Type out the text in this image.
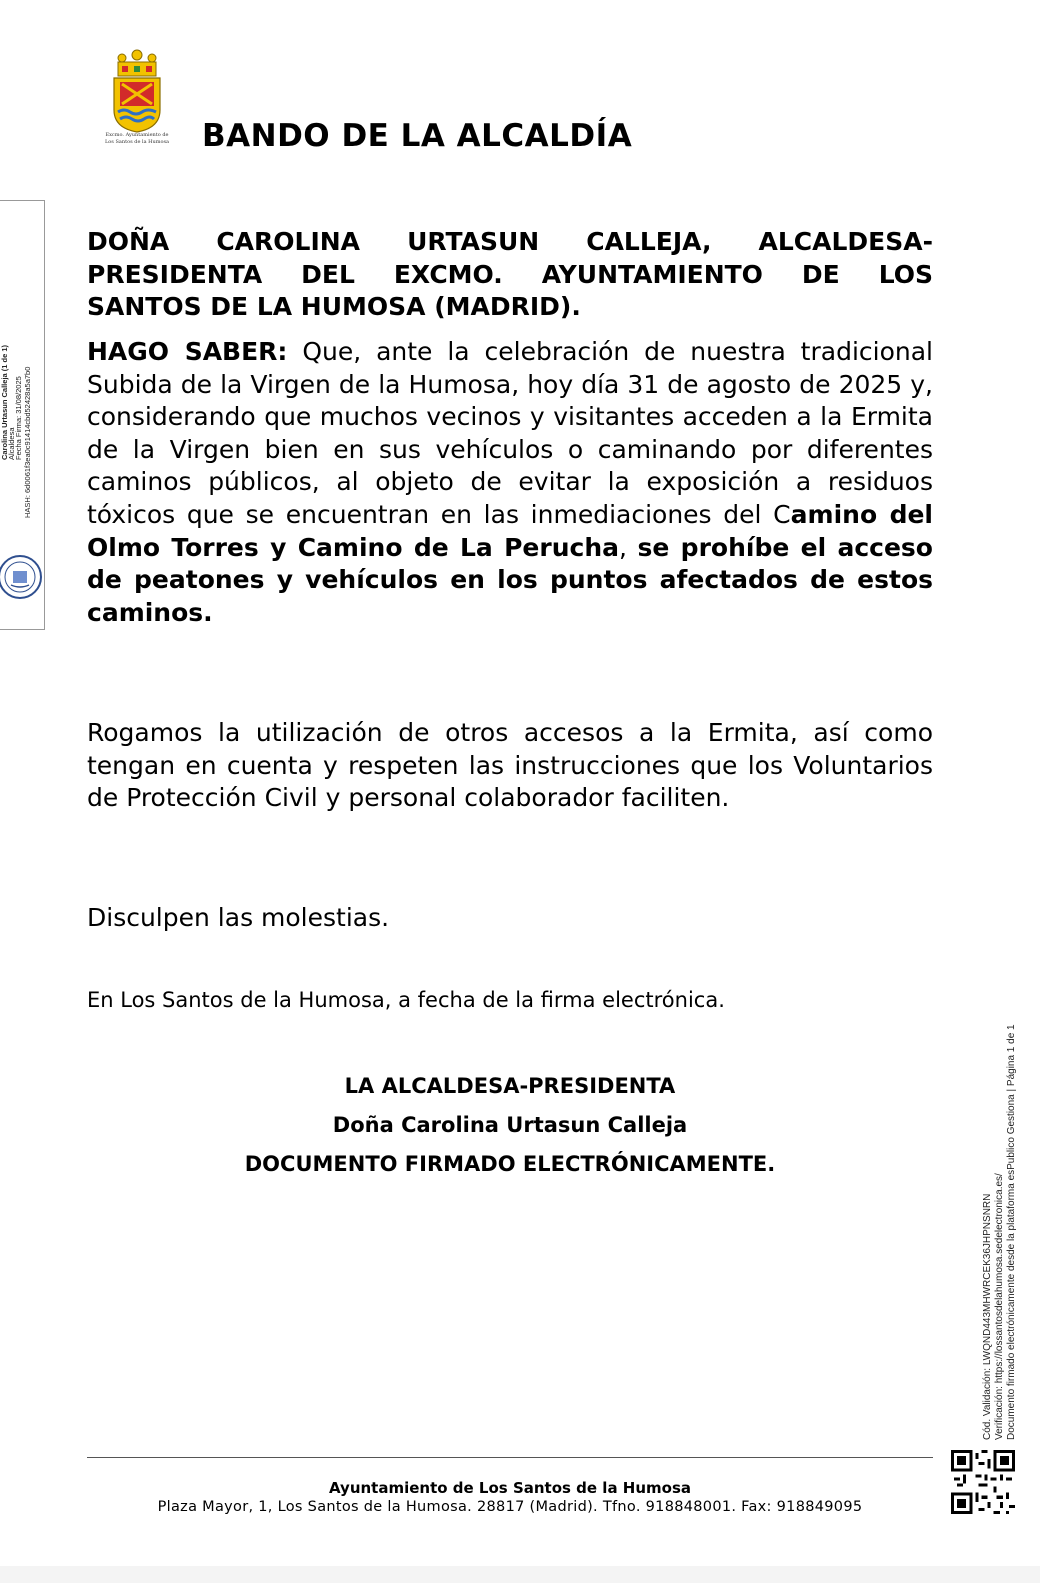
Excmo. Ayuntamiento de
Los Santos de la Humosa BANDO DE LA ALCALDÍA
Carolina Urtasun Calleja (1 de 1)
Alcaldesa
Fecha Firma: 31/08/2025 HASH: 6d0061f3ea0c91414cbd52428a5a7b0
DOÑA CAROLINA URTASUN CALLEJA, ALCALDESA-
PRESIDENTA DEL EXCMO. AYUNTAMIENTO DE LOS
SANTOS DE LA HUMOSA (MADRID).
HAGO SABER: Que, ante la celebración de nuestra tradicional Subida de la Virgen de la Humosa, hoy día 31 de agosto de 2025 y, considerando que muchos vecinos y visitantes acceden a la Ermita de la Virgen bien en sus vehículos o caminando por diferentes caminos públicos, al objeto de evitar la exposición a residuos tóxicos que se encuentran en las inmediaciones del Camino del Olmo Torres y Camino de La Perucha, se prohíbe el acceso de peatones y vehículos en los puntos afectados de estos caminos.
Rogamos la utilización de otros accesos a la Ermita, así como tengan en cuenta y respeten las instrucciones que los Voluntarios de Protección Civil y personal colaborador faciliten.
Disculpen las molestias.
En Los Santos de la Humosa, a fecha de la firma electrónica.
LA ALCALDESA-PRESIDENTA
Doña Carolina Urtasun Calleja
DOCUMENTO FIRMADO ELECTRÓNICAMENTE.
Cód. Validación: LWQND443MHWRCEK36JHPNSNRN Verificación: https://lossantosdelahumosa.sedelectronica.es/ Documento firmado electrónicamente desde la plataforma esPublico Gestiona | Página 1 de 1
Ayuntamiento de Los Santos de la Humosa
Plaza Mayor, 1, Los Santos de la Humosa. 28817 (Madrid). Tfno. 918848001. Fax: 918849095
